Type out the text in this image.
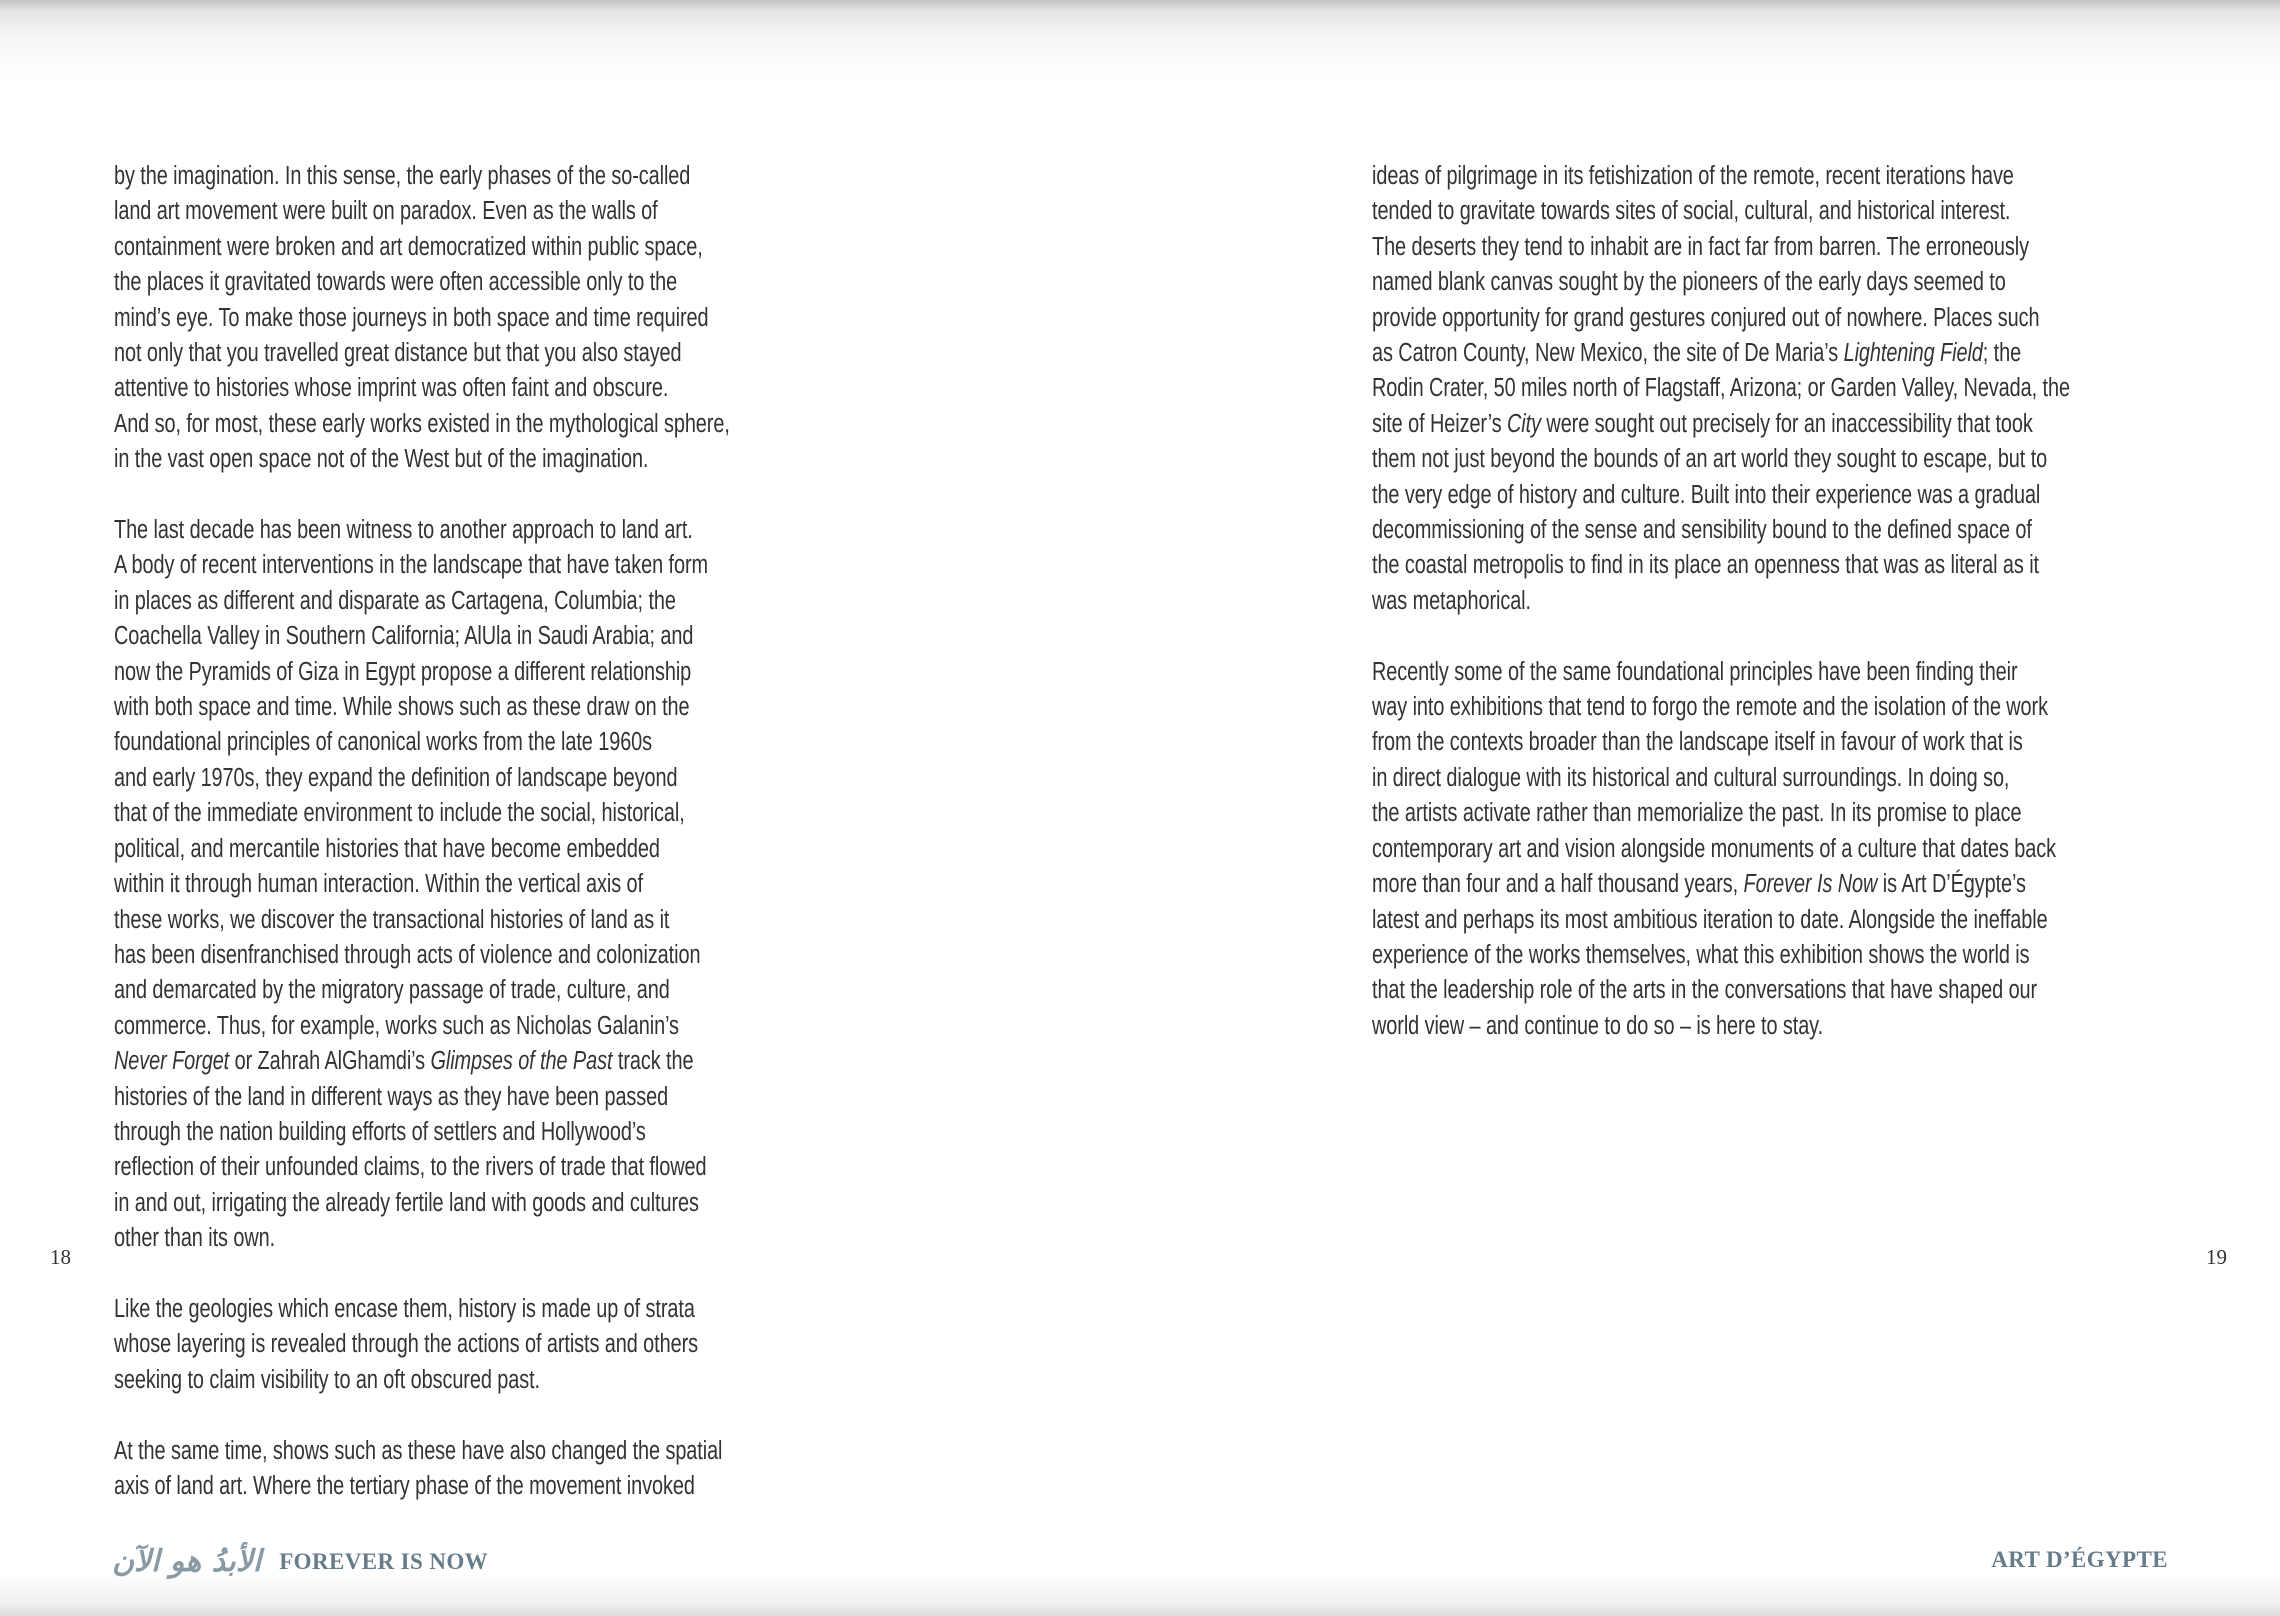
by the imagination. In this sense, the early phases of the so-called
land art movement were built on paradox. Even as the walls of
containment were broken and art democratized within public space,
the places it gravitated towards were often accessible only to the
mind’s eye. To make those journeys in both space and time required
not only that you travelled great distance but that you also stayed
attentive to histories whose imprint was often faint and obscure.
And so, for most, these early works existed in the mythological sphere,
in the vast open space not of the West but of the imagination.

The last decade has been witness to another approach to land art.
A body of recent interventions in the landscape that have taken form
in places as different and disparate as Cartagena, Columbia; the
Coachella Valley in Southern California; AlUla in Saudi Arabia; and
now the Pyramids of Giza in Egypt propose a different relationship
with both space and time. While shows such as these draw on the
foundational principles of canonical works from the late 1960s
and early 1970s, they expand the definition of landscape beyond
that of the immediate environment to include the social, historical,
political, and mercantile histories that have become embedded
within it through human interaction. Within the vertical axis of
these works, we discover the transactional histories of land as it
has been disenfranchised through acts of violence and colonization
and demarcated by the migratory passage of trade, culture, and
commerce. Thus, for example, works such as Nicholas Galanin’s
Never Forget or Zahrah AlGhamdi’s Glimpses of the Past track the
histories of the land in different ways as they have been passed
through the nation building efforts of settlers and Hollywood’s
reflection of their unfounded claims, to the rivers of trade that flowed
in and out, irrigating the already fertile land with goods and cultures
other than its own.

Like the geologies which encase them, history is made up of strata
whose layering is revealed through the actions of artists and others
seeking to claim visibility to an oft obscured past.

At the same time, shows such as these have also changed the spatial
axis of land art. Where the tertiary phase of the movement invoked

ideas of pilgrimage in its fetishization of the remote, recent iterations have
tended to gravitate towards sites of social, cultural, and historical interest.
The deserts they tend to inhabit are in fact far from barren. The erroneously
named blank canvas sought by the pioneers of the early days seemed to
provide opportunity for grand gestures conjured out of nowhere. Places such
as Catron County, New Mexico, the site of De Maria’s Lightening Field; the
Rodin Crater, 50 miles north of Flagstaff, Arizona; or Garden Valley, Nevada, the
site of Heizer’s City were sought out precisely for an inaccessibility that took
them not just beyond the bounds of an art world they sought to escape, but to
the very edge of history and culture. Built into their experience was a gradual
decommissioning of the sense and sensibility bound to the defined space of
the coastal metropolis to find in its place an openness that was as literal as it
was metaphorical.

Recently some of the same foundational principles have been finding their
way into exhibitions that tend to forgo the remote and the isolation of the work
from the contexts broader than the landscape itself in favour of work that is
in direct dialogue with its historical and cultural surroundings. In doing so,
the artists activate rather than memorialize the past. In its promise to place
contemporary art and vision alongside monuments of a culture that dates back
more than four and a half thousand years, Forever Is Now is Art D’Égypte’s
latest and perhaps its most ambitious iteration to date. Alongside the ineffable
experience of the works themselves, what this exhibition shows the world is
that the leadership role of the arts in the conversations that have shaped our
world view – and continue to do so – is here to stay.

18	19
الأبدُ هو الآن FOREVER IS NOW	ART D’ÉGYPTE
